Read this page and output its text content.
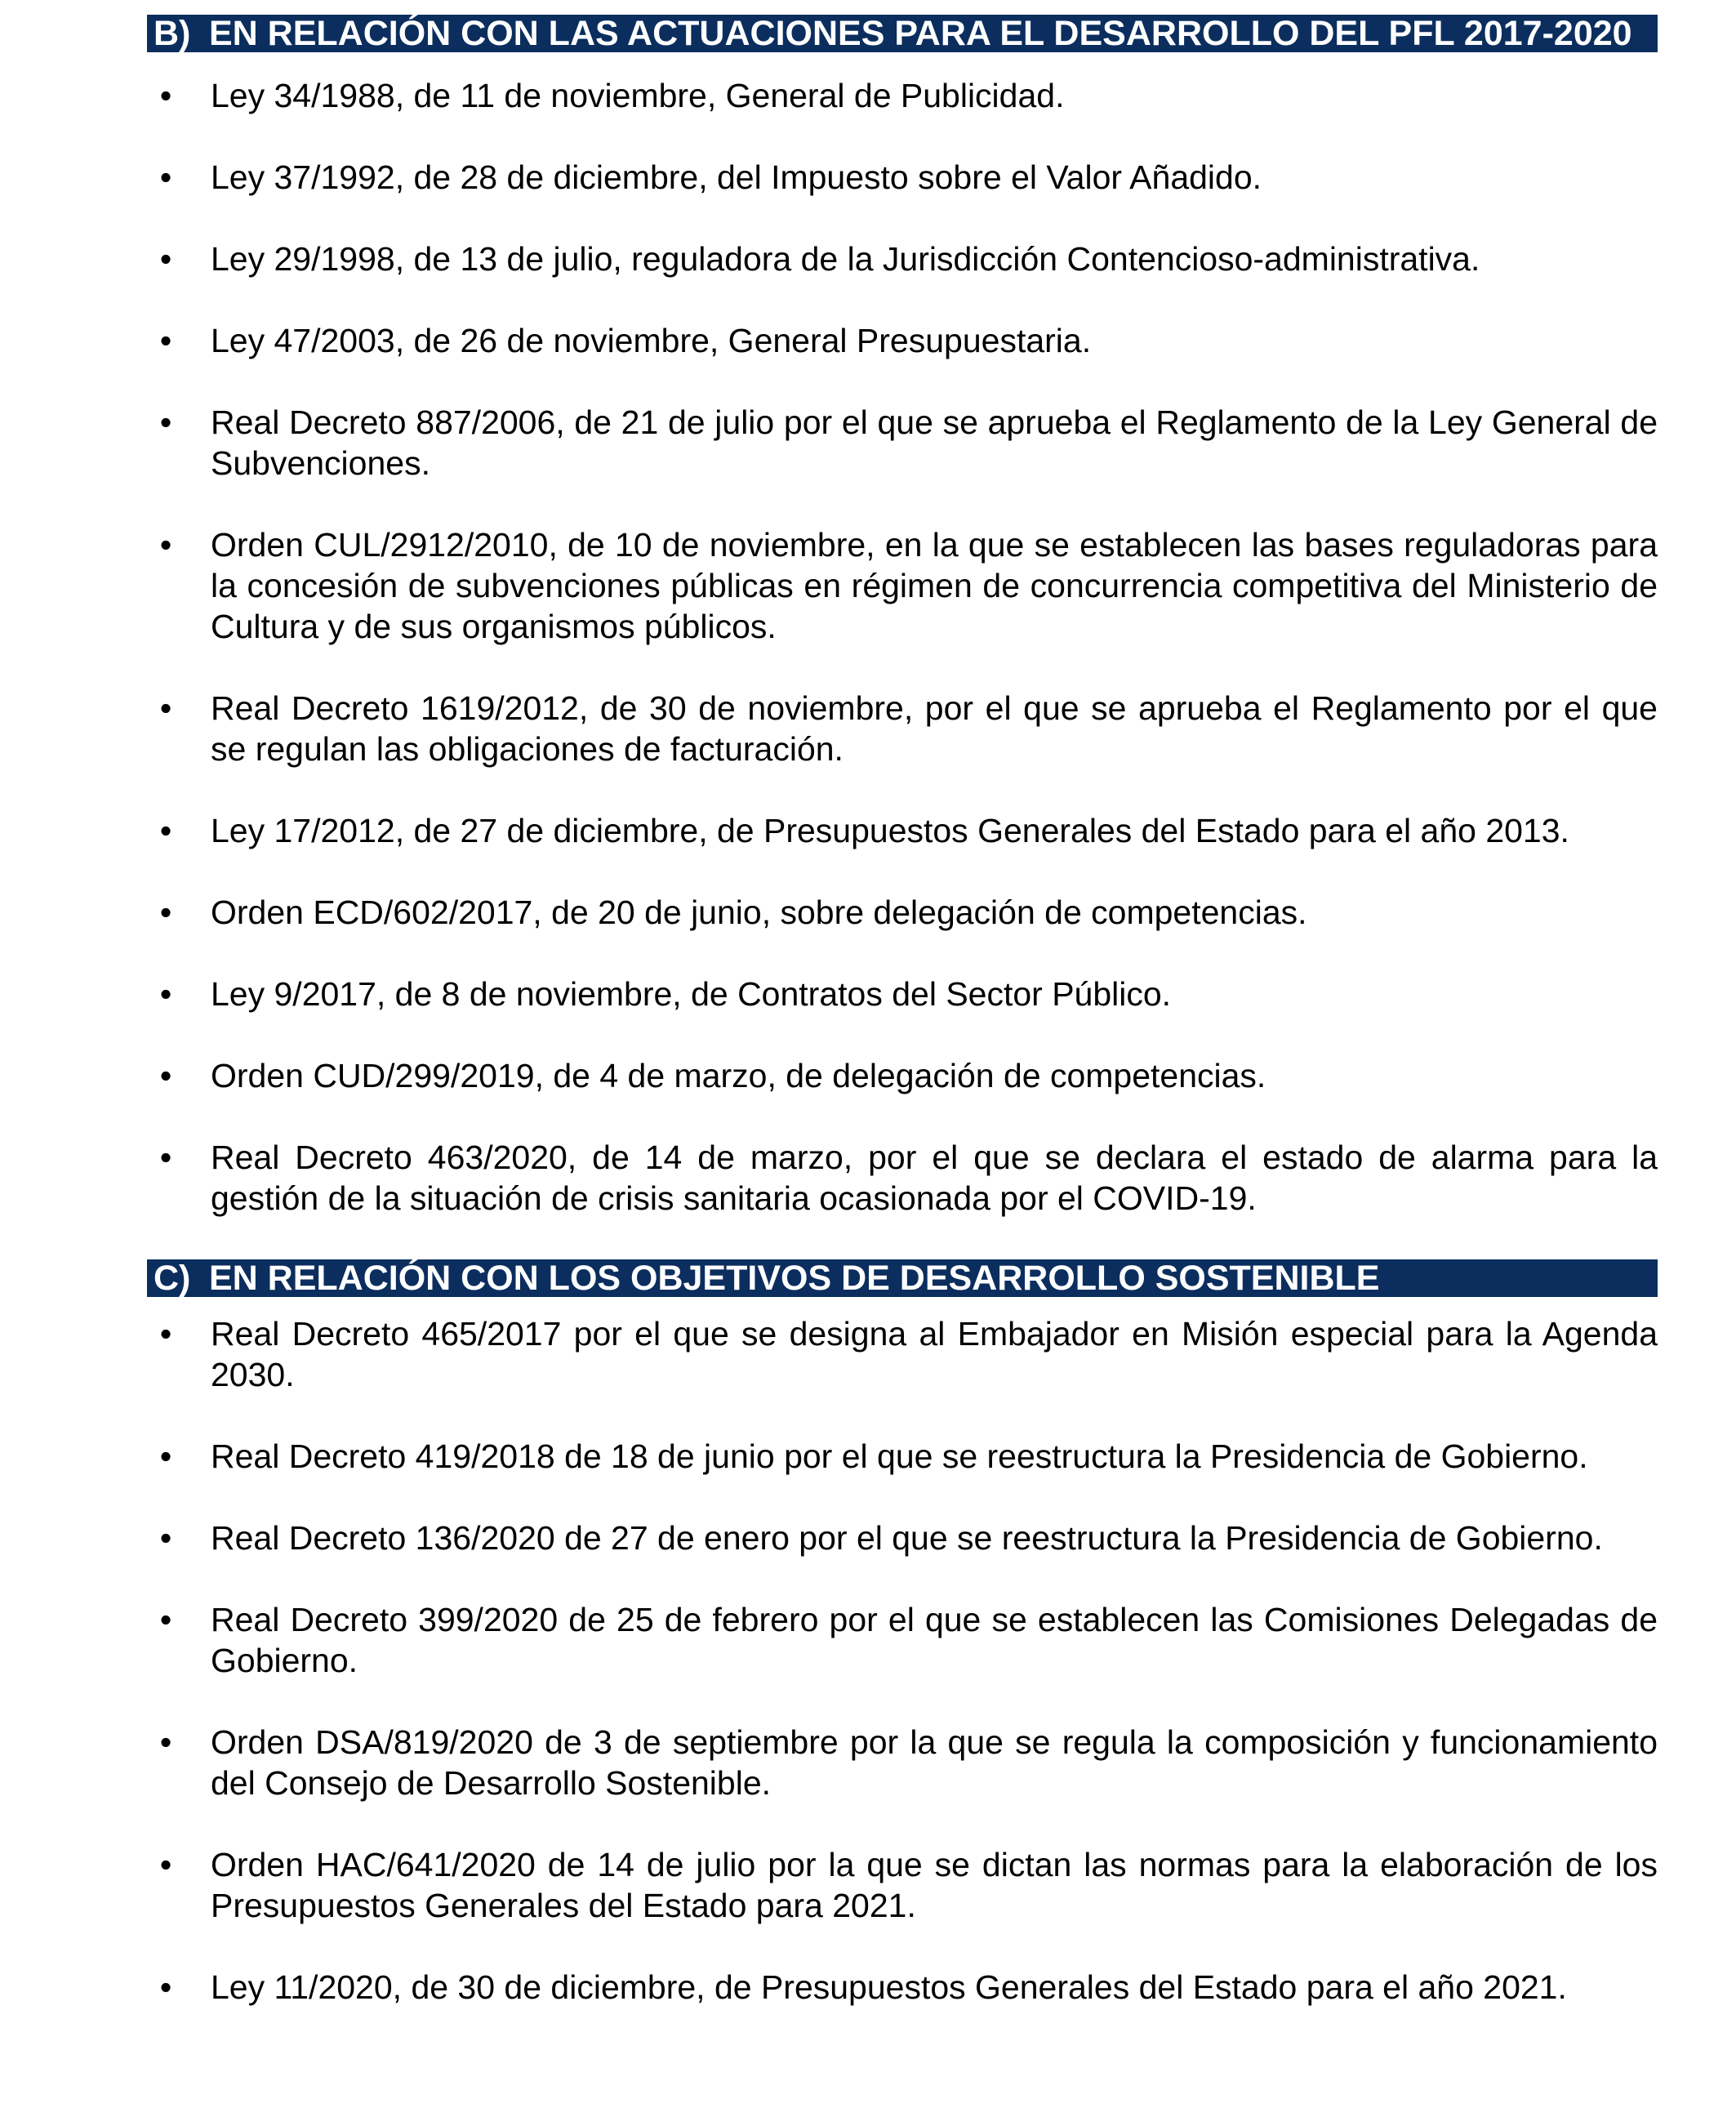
B) EN RELACIÓN CON LAS ACTUACIONES PARA EL DESARROLLO DEL PFL 2017-2020
• Ley 34/1988, de 11 de noviembre, General de Publicidad.
• Ley 37/1992, de 28 de diciembre, del Impuesto sobre el Valor Añadido.
• Ley 29/1998, de 13 de julio, reguladora de la Jurisdicción Contencioso-administrativa.
• Ley 47/2003, de 26 de noviembre, General Presupuestaria.
• Real Decreto 887/2006, de 21 de julio por el que se aprueba el Reglamento de la Ley General de Subvenciones.
• Orden CUL/2912/2010, de 10 de noviembre, en la que se establecen las bases reguladoras para la concesión de subvenciones públicas en régimen de concurrencia competitiva del Ministerio de Cultura y de sus organismos públicos.
• Real Decreto 1619/2012, de 30 de noviembre, por el que se aprueba el Reglamento por el que se regulan las obligaciones de facturación.
• Ley 17/2012, de 27 de diciembre, de Presupuestos Generales del Estado para el año 2013.
• Orden ECD/602/2017, de 20 de junio, sobre delegación de competencias.
• Ley 9/2017, de 8 de noviembre, de Contratos del Sector Público.
• Orden CUD/299/2019, de 4 de marzo, de delegación de competencias.
• Real Decreto 463/2020, de 14 de marzo, por el que se declara el estado de alarma para la gestión de la situación de crisis sanitaria ocasionada por el COVID-19.
C) EN RELACIÓN CON LOS OBJETIVOS DE DESARROLLO SOSTENIBLE
• Real Decreto 465/2017 por el que se designa al Embajador en Misión especial para la Agenda 2030.
• Real Decreto 419/2018 de 18 de junio por el que se reestructura la Presidencia de Gobierno.
• Real Decreto 136/2020 de 27 de enero por el que se reestructura la Presidencia de Gobierno.
• Real Decreto 399/2020 de 25 de febrero por el que se establecen las Comisiones Delegadas de Gobierno.
• Orden DSA/819/2020 de 3 de septiembre por la que se regula la composición y funcionamiento del Consejo de Desarrollo Sostenible.
• Orden HAC/641/2020 de 14 de julio por la que se dictan las normas para la elaboración de los Presupuestos Generales del Estado para 2021.
• Ley 11/2020, de 30 de diciembre, de Presupuestos Generales del Estado para el año 2021.
